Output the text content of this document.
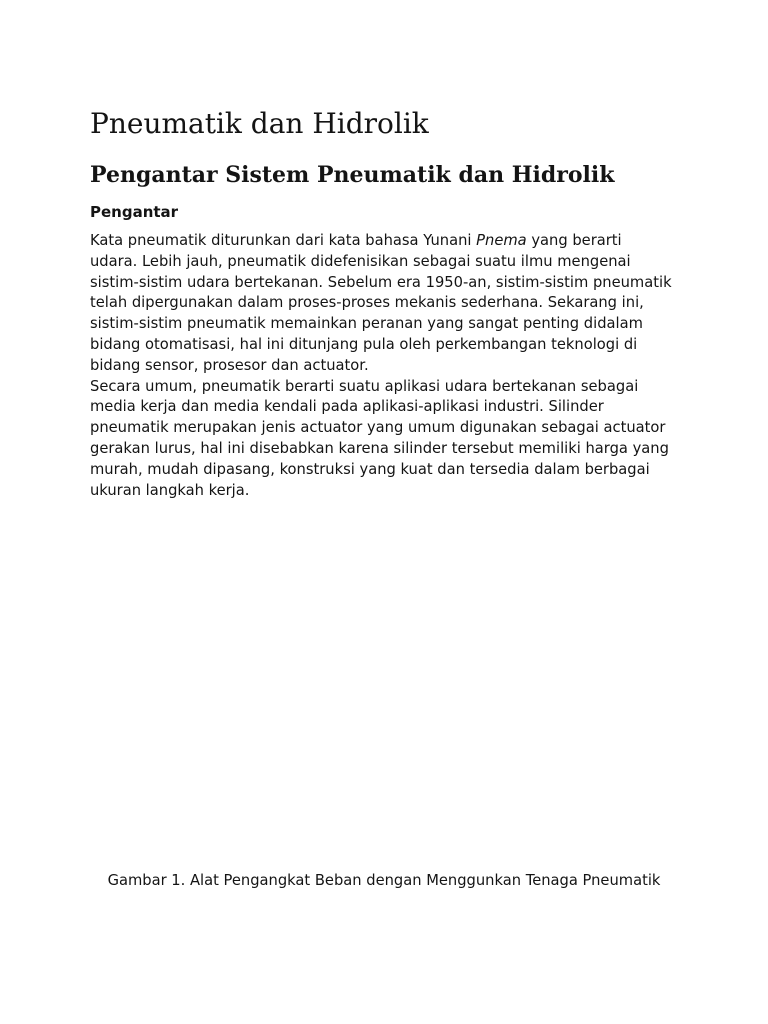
Pneumatik dan Hidrolik
Pengantar Sistem Pneumatik dan Hidrolik
Pengantar
Kata pneumatik diturunkan dari kata bahasa Yunani Pnema yang berarti
udara. Lebih jauh, pneumatik didefenisikan sebagai suatu ilmu mengenai
sistim-sistim udara bertekanan. Sebelum era 1950-an, sistim-sistim pneumatik
telah dipergunakan dalam proses-proses mekanis sederhana. Sekarang ini,
sistim-sistim pneumatik memainkan peranan yang sangat penting didalam
bidang otomatisasi, hal ini ditunjang pula oleh perkembangan teknologi di
bidang sensor, prosesor dan actuator.
Secara umum, pneumatik berarti suatu aplikasi udara bertekanan sebagai
media kerja dan media kendali pada aplikasi-aplikasi industri. Silinder
pneumatik merupakan jenis actuator yang umum digunakan sebagai actuator
gerakan lurus, hal ini disebabkan karena silinder tersebut memiliki harga yang
murah, mudah dipasang, konstruksi yang kuat dan tersedia dalam berbagai
ukuran langkah kerja.

Gambar 1. Alat Pengangkat Beban dengan Menggunkan Tenaga Pneumatik
